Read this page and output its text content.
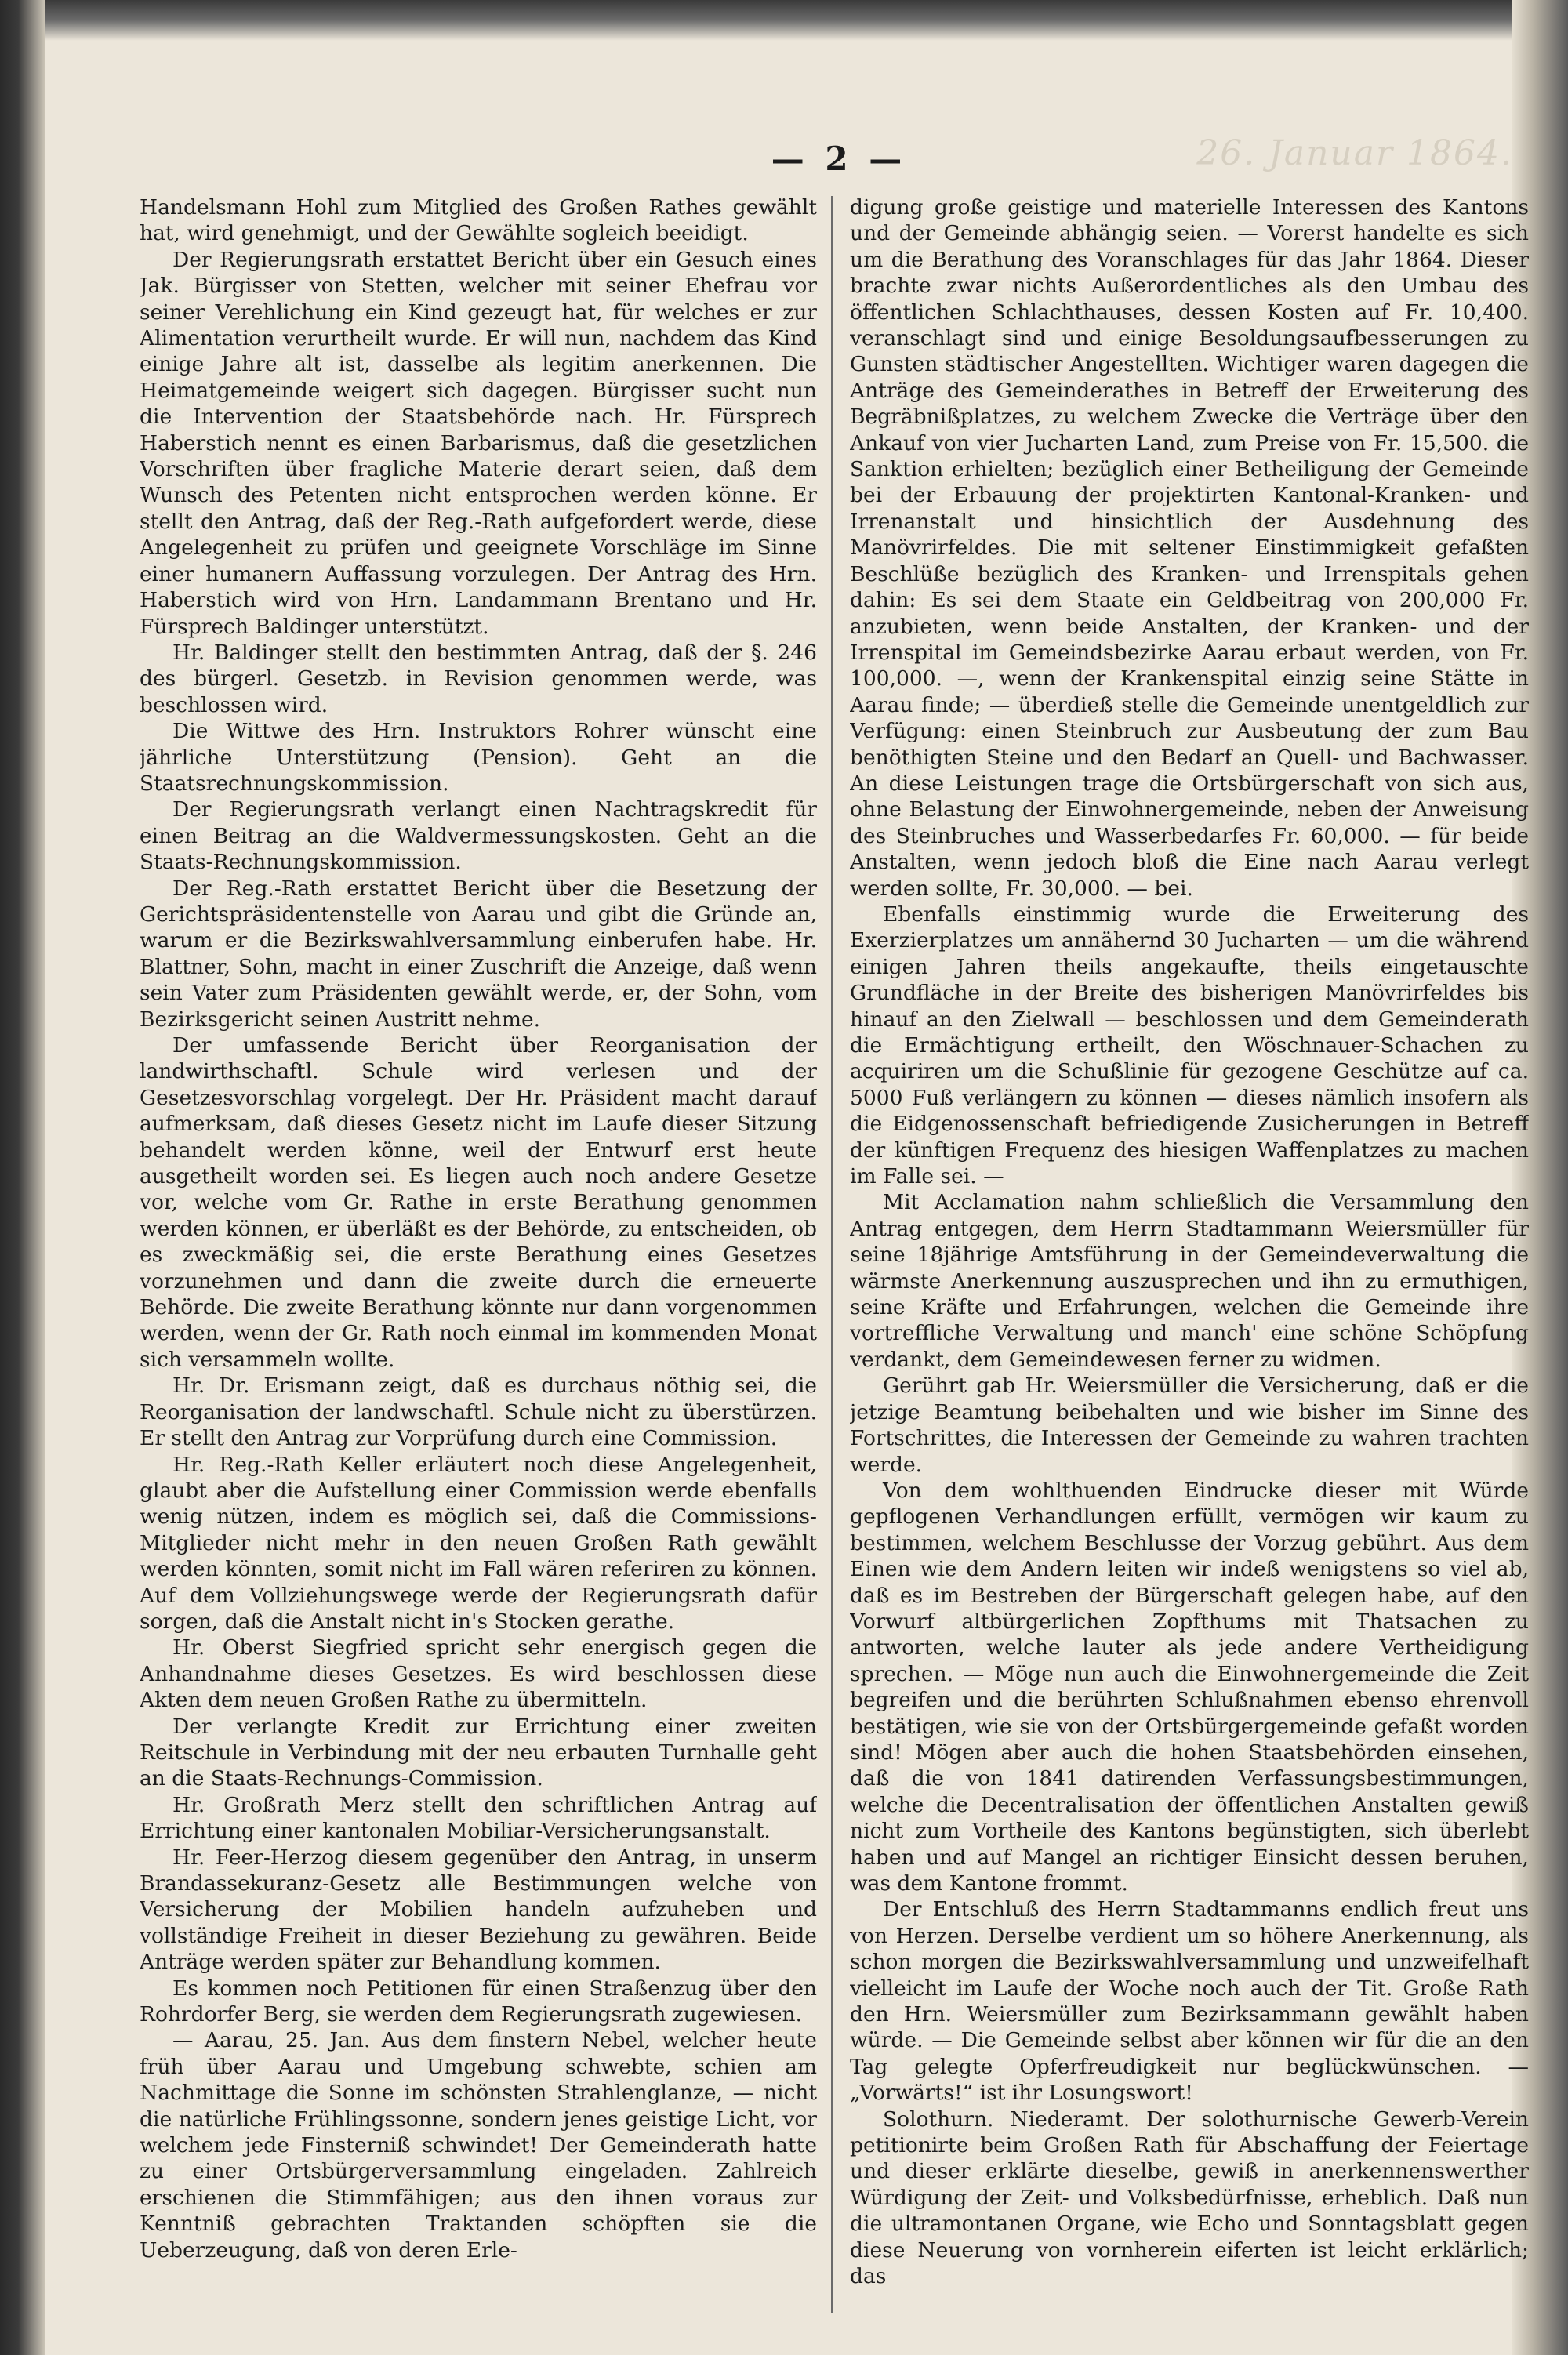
26. Januar 1864.
— 2 —

Handelsmann Hohl zum Mitglied des Großen Rathes gewählt hat, wird genehmigt, und der Gewählte sogleich beeidigt.

Der Regierungsrath erstattet Bericht über ein Gesuch eines Jak. Bürgisser von Stetten, welcher mit seiner Ehefrau vor seiner Verehlichung ein Kind gezeugt hat, für welches er zur Alimentation verurtheilt wurde. Er will nun, nachdem das Kind einige Jahre alt ist, dasselbe als legitim anerkennen. Die Heimatgemeinde weigert sich dagegen. Bürgisser sucht nun die Intervention der Staatsbehörde nach. Hr. Fürsprech Haberstich nennt es einen Barbarismus, daß die gesetzlichen Vorschriften über fragliche Materie derart seien, daß dem Wunsch des Petenten nicht entsprochen werden könne. Er stellt den Antrag, daß der Reg.-Rath aufgefordert werde, diese Angelegenheit zu prüfen und geeignete Vorschläge im Sinne einer humanern Auffassung vorzulegen. Der Antrag des Hrn. Haberstich wird von Hrn. Landammann Brentano und Hr. Fürsprech Baldinger unterstützt.

Hr. Baldinger stellt den bestimmten Antrag, daß der §. 246 des bürgerl. Gesetzb. in Revision genommen werde, was beschlossen wird.

Die Wittwe des Hrn. Instruktors Rohrer wünscht eine jährliche Unterstützung (Pension). Geht an die Staatsrechnungskommission.

Der Regierungsrath verlangt einen Nachtragskredit für einen Beitrag an die Waldvermessungskosten. Geht an die Staats-Rechnungskommission.

Der Reg.-Rath erstattet Bericht über die Besetzung der Gerichtspräsidentenstelle von Aarau und gibt die Gründe an, warum er die Bezirkswahlversammlung einberufen habe. Hr. Blattner, Sohn, macht in einer Zuschrift die Anzeige, daß wenn sein Vater zum Präsidenten gewählt werde, er, der Sohn, vom Bezirksgericht seinen Austritt nehme.

Der umfassende Bericht über Reorganisation der landwirthschaftl. Schule wird verlesen und der Gesetzesvorschlag vorgelegt. Der Hr. Präsident macht darauf aufmerksam, daß dieses Gesetz nicht im Laufe dieser Sitzung behandelt werden könne, weil der Entwurf erst heute ausgetheilt worden sei. Es liegen auch noch andere Gesetze vor, welche vom Gr. Rathe in erste Berathung genommen werden können, er überläßt es der Behörde, zu entscheiden, ob es zweckmäßig sei, die erste Berathung eines Gesetzes vorzunehmen und dann die zweite durch die erneuerte Behörde. Die zweite Berathung könnte nur dann vorgenommen werden, wenn der Gr. Rath noch einmal im kommenden Monat sich versammeln wollte.

Hr. Dr. Erismann zeigt, daß es durchaus nöthig sei, die Reorganisation der landwschaftl. Schule nicht zu überstürzen. Er stellt den Antrag zur Vorprüfung durch eine Commission.

Hr. Reg.-Rath Keller erläutert noch diese Angelegenheit, glaubt aber die Aufstellung einer Commission werde ebenfalls wenig nützen, indem es möglich sei, daß die Commissions-Mitglieder nicht mehr in den neuen Großen Rath gewählt werden könnten, somit nicht im Fall wären referiren zu können. Auf dem Vollziehungswege werde der Regierungsrath dafür sorgen, daß die Anstalt nicht in's Stocken gerathe.

Hr. Oberst Siegfried spricht sehr energisch gegen die Anhandnahme dieses Gesetzes. Es wird beschlossen diese Akten dem neuen Großen Rathe zu übermitteln.

Der verlangte Kredit zur Errichtung einer zweiten Reitschule in Verbindung mit der neu erbauten Turnhalle geht an die Staats-Rechnungs-Commission.

Hr. Großrath Merz stellt den schriftlichen Antrag auf Errichtung einer kantonalen Mobiliar-Versicherungsanstalt.

Hr. Feer-Herzog diesem gegenüber den Antrag, in unserm Brandassekuranz-Gesetz alle Bestimmungen welche von Versicherung der Mobilien handeln aufzuheben und vollständige Freiheit in dieser Beziehung zu gewähren. Beide Anträge werden später zur Behandlung kommen.

Es kommen noch Petitionen für einen Straßenzug über den Rohrdorfer Berg, sie werden dem Regierungsrath zugewiesen.

— Aarau, 25. Jan. Aus dem finstern Nebel, welcher heute früh über Aarau und Umgebung schwebte, schien am Nachmittage die Sonne im schönsten Strahlenglanze, — nicht die natürliche Frühlingssonne, sondern jenes geistige Licht, vor welchem jede Finsterniß schwindet! Der Gemeinderath hatte zu einer Ortsbürgerversammlung eingeladen. Zahlreich erschienen die Stimmfähigen; aus den ihnen voraus zur Kenntniß gebrachten Traktanden schöpften sie die Ueberzeugung, daß von deren Erle-

digung große geistige und materielle Interessen des Kantons und der Gemeinde abhängig seien. — Vorerst handelte es sich um die Berathung des Voranschlages für das Jahr 1864. Dieser brachte zwar nichts Außerordentliches als den Umbau des öffentlichen Schlachthauses, dessen Kosten auf Fr. 10,400. veranschlagt sind und einige Besoldungsaufbesserungen zu Gunsten städtischer Angestellten. Wichtiger waren dagegen die Anträge des Gemeinderathes in Betreff der Erweiterung des Begräbnißplatzes, zu welchem Zwecke die Verträge über den Ankauf von vier Jucharten Land, zum Preise von Fr. 15,500. die Sanktion erhielten; bezüglich einer Betheiligung der Gemeinde bei der Erbauung der projektirten Kantonal-Kranken- und Irrenanstalt und hinsichtlich der Ausdehnung des Manövrirfeldes. Die mit seltener Einstimmigkeit gefaßten Beschlüße bezüglich des Kranken- und Irrenspitals gehen dahin: Es sei dem Staate ein Geldbeitrag von 200,000 Fr. anzubieten, wenn beide Anstalten, der Kranken- und der Irrenspital im Gemeindsbezirke Aarau erbaut werden, von Fr. 100,000. —, wenn der Krankenspital einzig seine Stätte in Aarau finde; — überdieß stelle die Gemeinde unentgeldlich zur Verfügung: einen Steinbruch zur Ausbeutung der zum Bau benöthigten Steine und den Bedarf an Quell- und Bachwasser. An diese Leistungen trage die Ortsbürgerschaft von sich aus, ohne Belastung der Einwohnergemeinde, neben der Anweisung des Steinbruches und Wasserbedarfes Fr. 60,000. — für beide Anstalten, wenn jedoch bloß die Eine nach Aarau verlegt werden sollte, Fr. 30,000. — bei.

Ebenfalls einstimmig wurde die Erweiterung des Exerzierplatzes um annähernd 30 Jucharten — um die während einigen Jahren theils angekaufte, theils eingetauschte Grundfläche in der Breite des bisherigen Manövrirfeldes bis hinauf an den Zielwall — beschlossen und dem Gemeinderath die Ermächtigung ertheilt, den Wöschnauer-Schachen zu acquiriren um die Schußlinie für gezogene Geschütze auf ca. 5000 Fuß verlängern zu können — dieses nämlich insofern als die Eidgenossenschaft befriedigende Zusicherungen in Betreff der künftigen Frequenz des hiesigen Waffenplatzes zu machen im Falle sei. —

Mit Acclamation nahm schließlich die Versammlung den Antrag entgegen, dem Herrn Stadtammann Weiersmüller für seine 18jährige Amtsführung in der Gemeindeverwaltung die wärmste Anerkennung auszusprechen und ihn zu ermuthigen, seine Kräfte und Erfahrungen, welchen die Gemeinde ihre vortreffliche Verwaltung und manch' eine schöne Schöpfung verdankt, dem Gemeindewesen ferner zu widmen.

Gerührt gab Hr. Weiersmüller die Versicherung, daß er die jetzige Beamtung beibehalten und wie bisher im Sinne des Fortschrittes, die Interessen der Gemeinde zu wahren trachten werde.

Von dem wohlthuenden Eindrucke dieser mit Würde gepflogenen Verhandlungen erfüllt, vermögen wir kaum zu bestimmen, welchem Beschlusse der Vorzug gebührt. Aus dem Einen wie dem Andern leiten wir indeß wenigstens so viel ab, daß es im Bestreben der Bürgerschaft gelegen habe, auf den Vorwurf altbürgerlichen Zopfthums mit Thatsachen zu antworten, welche lauter als jede andere Vertheidigung sprechen. — Möge nun auch die Einwohnergemeinde die Zeit begreifen und die berührten Schlußnahmen ebenso ehrenvoll bestätigen, wie sie von der Ortsbürgergemeinde gefaßt worden sind! Mögen aber auch die hohen Staatsbehörden einsehen, daß die von 1841 datirenden Verfassungsbestimmungen, welche die Decentralisation der öffentlichen Anstalten gewiß nicht zum Vortheile des Kantons begünstigten, sich überlebt haben und auf Mangel an richtiger Einsicht dessen beruhen, was dem Kantone frommt.

Der Entschluß des Herrn Stadtammanns endlich freut uns von Herzen. Derselbe verdient um so höhere Anerkennung, als schon morgen die Bezirkswahlversammlung und unzweifelhaft vielleicht im Laufe der Woche noch auch der Tit. Große Rath den Hrn. Weiersmüller zum Bezirksammann gewählt haben würde. — Die Gemeinde selbst aber können wir für die an den Tag gelegte Opferfreudigkeit nur beglückwünschen. — „Vorwärts!“ ist ihr Losungswort!

Solothurn. Niederamt. Der solothurnische Gewerb-Verein petitionirte beim Großen Rath für Abschaffung der Feiertage und dieser erklärte dieselbe, gewiß in anerkennenswerther Würdigung der Zeit- und Volksbedürfnisse, erheblich. Daß nun die ultramontanen Organe, wie Echo und Sonntagsblatt gegen diese Neuerung von vornherein eiferten ist leicht erklärlich; das
